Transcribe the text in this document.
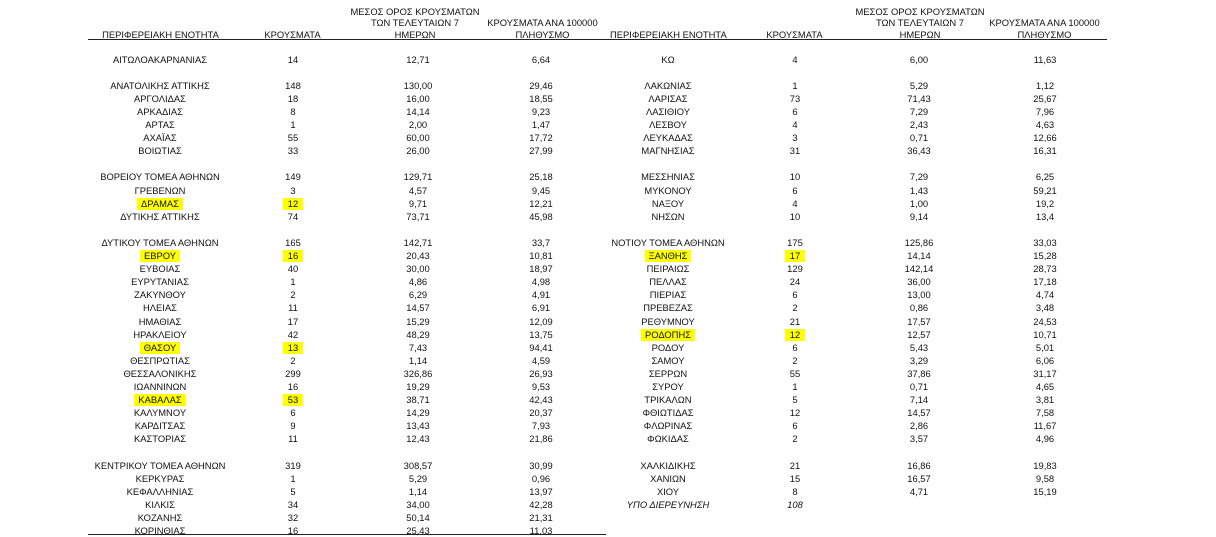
ΠΕΡΙΦΕΡΕΙΑΚΗ ΕΝΟΤΗΤΑ	ΚΡΟΥΣΜΑΤΑ
ΜΕΣΟΣ ΟΡΟΣ ΚΡΟΥΣΜΑΤΩΝ
ΤΩΝ ΤΕΛΕΥΤΑΙΩΝ 7
ΗΜΕΡΩΝ
ΚΡΟΥΣΜΑΤΑ ΑΝΑ 100000
ΠΛΗΘΥΣΜΟ	ΠΕΡΙΦΕΡΕΙΑΚΗ ΕΝΟΤΗΤΑ	ΚΡΟΥΣΜΑΤΑ
ΜΕΣΟΣ ΟΡΟΣ ΚΡΟΥΣΜΑΤΩΝ
ΤΩΝ ΤΕΛΕΥΤΑΙΩΝ 7
ΗΜΕΡΩΝ
ΚΡΟΥΣΜΑΤΑ ΑΝΑ 100000
ΠΛΗΘΥΣΜΟ
ΑΙΤΩΛΟΑΚΑΡΝΑΝΙΑΣ	14	12,71	6,64
ΑΝΑΤΟΛΙΚΗΣ ΑΤΤΙΚΗΣ	148	130,00	29,46
ΑΡΓΟΛΙΔΑΣ	18	16,00	18,55
ΑΡΚΑΔΙΑΣ	8	14,14	9,23
ΑΡΤΑΣ	1	2,00	1,47
ΑΧΑΪΑΣ	55	60,00	17,72
ΒΟΙΩΤΙΑΣ	33	26,00	27,99
ΒΟΡΕΙΟΥ ΤΟΜΕΑ ΑΘΗΝΩΝ	149	129,71	25,18
ΓΡΕΒΕΝΩΝ	3	4,57	9,45
ΔΡΑΜΑΣ	12	9,71	12,21
ΔΥΤΙΚΗΣ ΑΤΤΙΚΗΣ	74	73,71	45,98
ΔΥΤΙΚΟΥ ΤΟΜΕΑ ΑΘΗΝΩΝ	165	142,71	33,7
ΕΒΡΟΥ	16	20,43	10,81
ΕΥΒΟΙΑΣ	40	30,00	18,97
ΕΥΡΥΤΑΝΙΑΣ	1	4,86	4,98
ΖΑΚΥΝΘΟΥ	2	6,29	4,91
ΗΛΕΙΑΣ	11	14,57	6,91
ΗΜΑΘΙΑΣ	17	15,29	12,09
ΗΡΑΚΛΕΙΟΥ	42	48,29	13,75
ΘΑΣΟΥ	13	7,43	94,41
ΘΕΣΠΡΩΤΙΑΣ	2	1,14	4,59
ΘΕΣΣΑΛΟΝΙΚΗΣ	299	326,86	26,93
ΙΩΑΝΝΙΝΩΝ	16	19,29	9,53
ΚΑΒΑΛΑΣ	53	38,71	42,43
ΚΑΛΥΜΝΟΥ	6	14,29	20,37
ΚΑΡΔΙΤΣΑΣ	9	13,43	7,93
ΚΑΣΤΟΡΙΑΣ	11	12,43	21,86
ΚΕΝΤΡΙΚΟΥ ΤΟΜΕΑ ΑΘΗΝΩΝ	319	308,57	30,99
ΚΕΡΚΥΡΑΣ	1	5,29	0,96
ΚΕΦΑΛΛΗΝΙΑΣ	5	1,14	13,97
ΚΙΛΚΙΣ	34	34,00	42,28
ΚΟΖΑΝΗΣ	32	50,14	21,31
ΚΟΡΙΝΘΙΑΣ	16	25,43	11,03
ΚΩ	4	6,00	11,63
ΛΑΚΩΝΙΑΣ	1	5,29	1,12
ΛΑΡΙΣΑΣ	73	71,43	25,67
ΛΑΣΙΘΙΟΥ	6	7,29	7,96
ΛΕΣΒΟΥ	4	2,43	4,63
ΛΕΥΚΑΔΑΣ	3	0,71	12,66
ΜΑΓΝΗΣΙΑΣ	31	36,43	16,31
ΜΕΣΣΗΝΙΑΣ	10	7,29	6,25
ΜΥΚΟΝΟΥ	6	1,43	59,21
ΝΑΞΟΥ	4	1,00	19,2
ΝΗΣΩΝ	10	9,14	13,4
ΝΟΤΙΟΥ ΤΟΜΕΑ ΑΘΗΝΩΝ	175	125,86	33,03
ΞΑΝΘΗΣ	17	14,14	15,28
ΠΕΙΡΑΙΩΣ	129	142,14	28,73
ΠΕΛΛΑΣ	24	36,00	17,18
ΠΙΕΡΙΑΣ	6	13,00	4,74
ΠΡΕΒΕΖΑΣ	2	0,86	3,48
ΡΕΘΥΜΝΟΥ	21	17,57	24,53
ΡΟΔΟΠΗΣ	12	12,57	10,71
ΡΟΔΟΥ	6	5,43	5,01
ΣΑΜΟΥ	2	3,29	6,06
ΣΕΡΡΩΝ	55	37,86	31,17
ΣΥΡΟΥ	1	0,71	4,65
ΤΡΙΚΑΛΩΝ	5	7,14	3,81
ΦΘΙΩΤΙΔΑΣ	12	14,57	7,58
ΦΛΩΡΙΝΑΣ	6	2,86	11,67
ΦΩΚΙΔΑΣ	2	3,57	4,96
ΧΑΛΚΙΔΙΚΗΣ	21	16,86	19,83
ΧΑΝΙΩΝ	15	16,57	9,58
ΧΙΟΥ	8	4,71	15,19
ΥΠΟ ΔΙΕΡΕΥΝΗΣΗ	108
